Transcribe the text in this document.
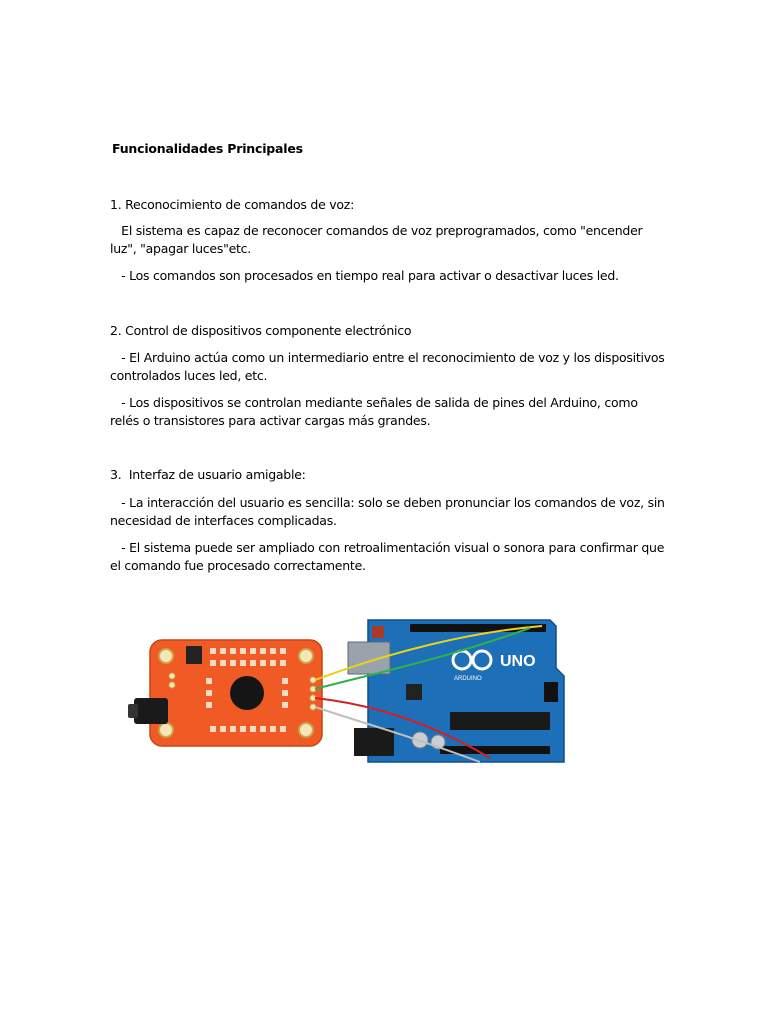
Funcionalidades Principales

1. Reconocimiento de comandos de voz:

El sistema es capaz de reconocer comandos de voz preprogramados, como "encender luz", "apagar luces"etc.

- Los comandos son procesados en tiempo real para activar o desactivar luces led.

2. Control de dispositivos componente electrónico

- El Arduino actúa como un intermediario entre el reconocimiento de voz y los dispositivos controlados luces led, etc.

- Los dispositivos se controlan mediante señales de salida de pines del Arduino, como relés o transistores para activar cargas más grandes.

3.  Interfaz de usuario amigable:

- La interacción del usuario es sencilla: solo se deben pronunciar los comandos de voz, sin necesidad de interfaces complicadas.

- El sistema puede ser ampliado con retroalimentación visual o sonora para confirmar que el comando fue procesado correctamente.

UNO
ARDUINO
